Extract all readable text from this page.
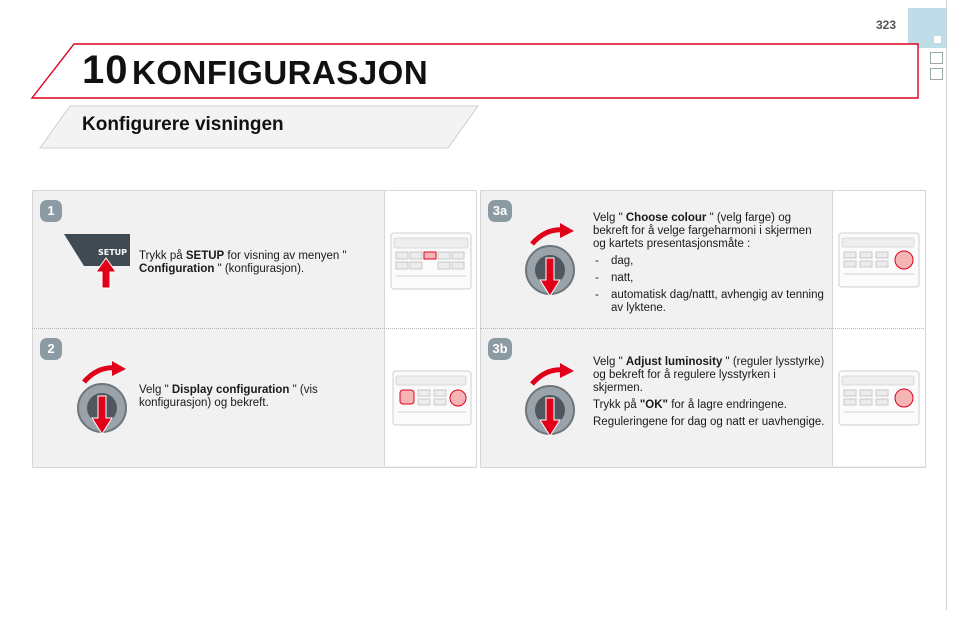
323
10 KONFIGURASJON
Konfigurere visningen
1
SETUP Trykk på SETUP for visning av menyen " Configuration " (konfigurasjon).
2
Velg " Display configuration " (vis konfigurasjon) og bekreft.
3a	Velg " Choose colour " (velg farge) og bekreft for å velge fargeharmoni i skjermen og kartets presentasjonsmåte :
- dag,
- natt,
- automatisk dag/nattt, avhengig av tenning av lyktene.
3b

Velg " Adjust luminosity " (reguler lysstyrke) og bekreft for å regulere lysstyrken i skjermen.

Trykk på "OK" for å lagre endringene.

Reguleringene for dag og natt er uavhengige.
